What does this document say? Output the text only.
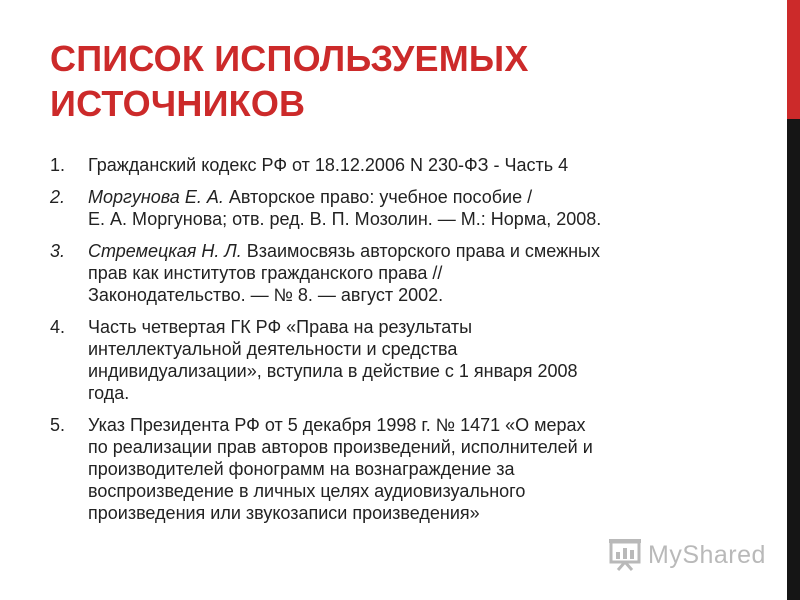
СПИСОК ИСПОЛЬЗУЕМЫХ
ИСТОЧНИКОВ
1. Гражданский кодекс РФ от 18.12.2006 N 230-ФЗ - Часть 4
2. Моргунова Е. А. Авторское право: учебное пособие /
Е. А. Моргунова; отв. ред. В. П. Мозолин. — М.: Норма, 2008.
3. Стремецкая Н. Л. Взаимосвязь авторского права и смежных
прав как институтов гражданского права //
Законодательство. — № 8. — август 2002.
4. Часть четвертая ГК РФ «Права на результаты
интеллектуальной деятельности и средства
индивидуализации», вступила в действие с 1 января 2008
года.
5. Указ Президента РФ от 5 декабря 1998 г. № 1471 «О мерах
по реализации прав авторов произведений, исполнителей и
производителей фонограмм на вознаграждение за
воспроизведение в личных целях аудиовизуального
произведения или звукозаписи произведения»
MyShared
